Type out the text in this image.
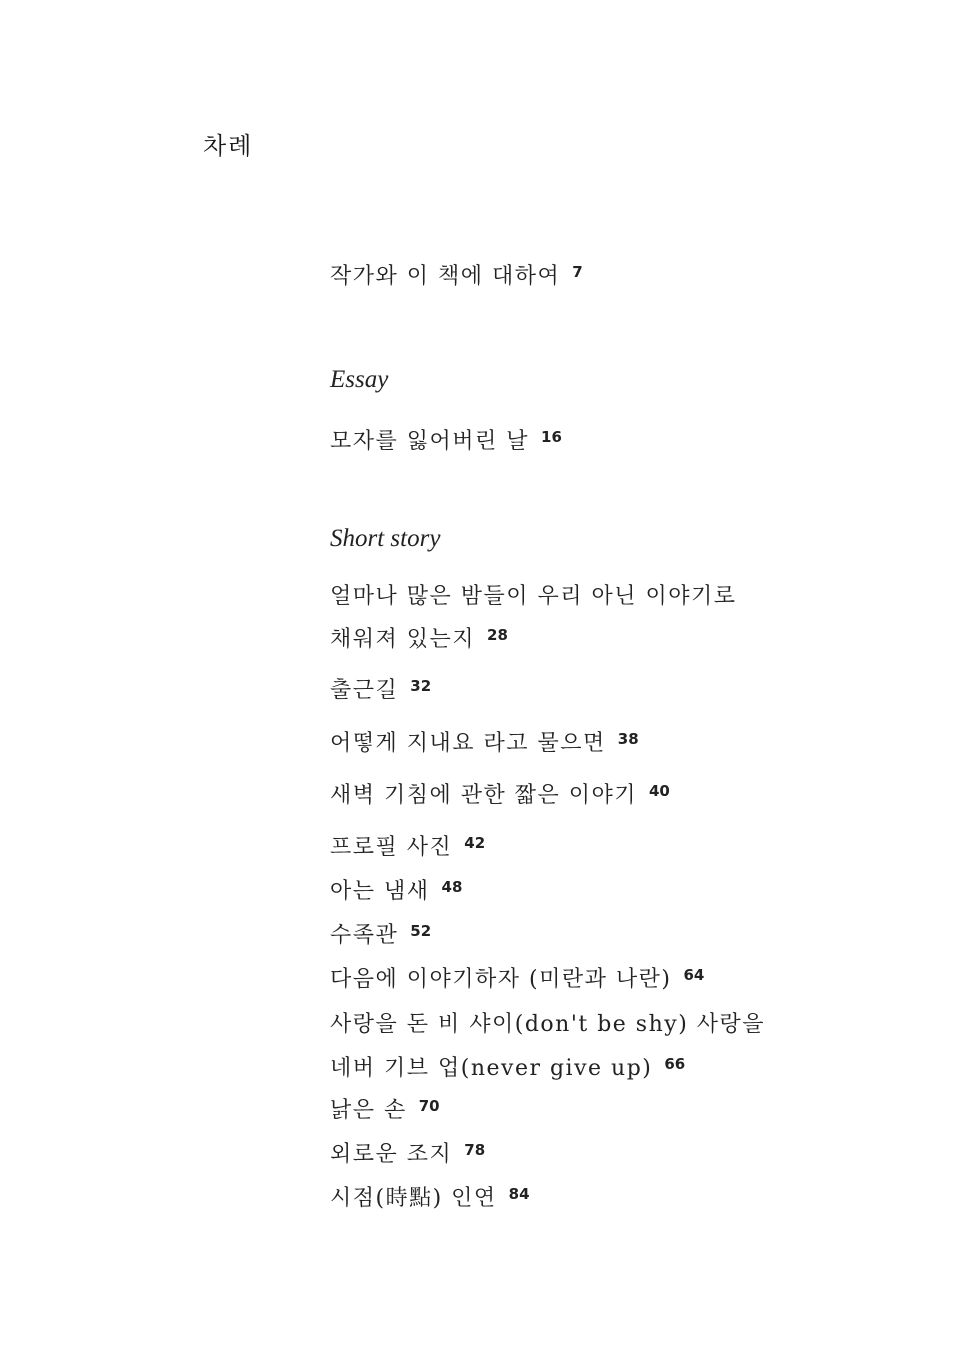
차례
작가와 이 책에 대하여 $^7$
Essay
모자를 잃어버린 날 $^{16}$
Short story
얼마나 많은 밤들이 우리 아닌 이야기로
채워져 있는지 $^{28}$
출근길 $^{32}$
어떻게 지내요 라고 물으면 $^{38}$
새벽 기침에 관한 짧은 이야기 $^{40}$
프로필 사진 $^{42}$
아는 냄새 $^{48}$
수족관 $^{52}$
다음에 이야기하자 (미란과 나란) $^{64}$
사랑을 돈 비 샤이(don't be shy) 사랑을
네버 기브 업(never give up) $^{66}$
낡은 손 $^{70}$
외로운 조지 $^{78}$
시점(時點) 인연 $^{84}$
